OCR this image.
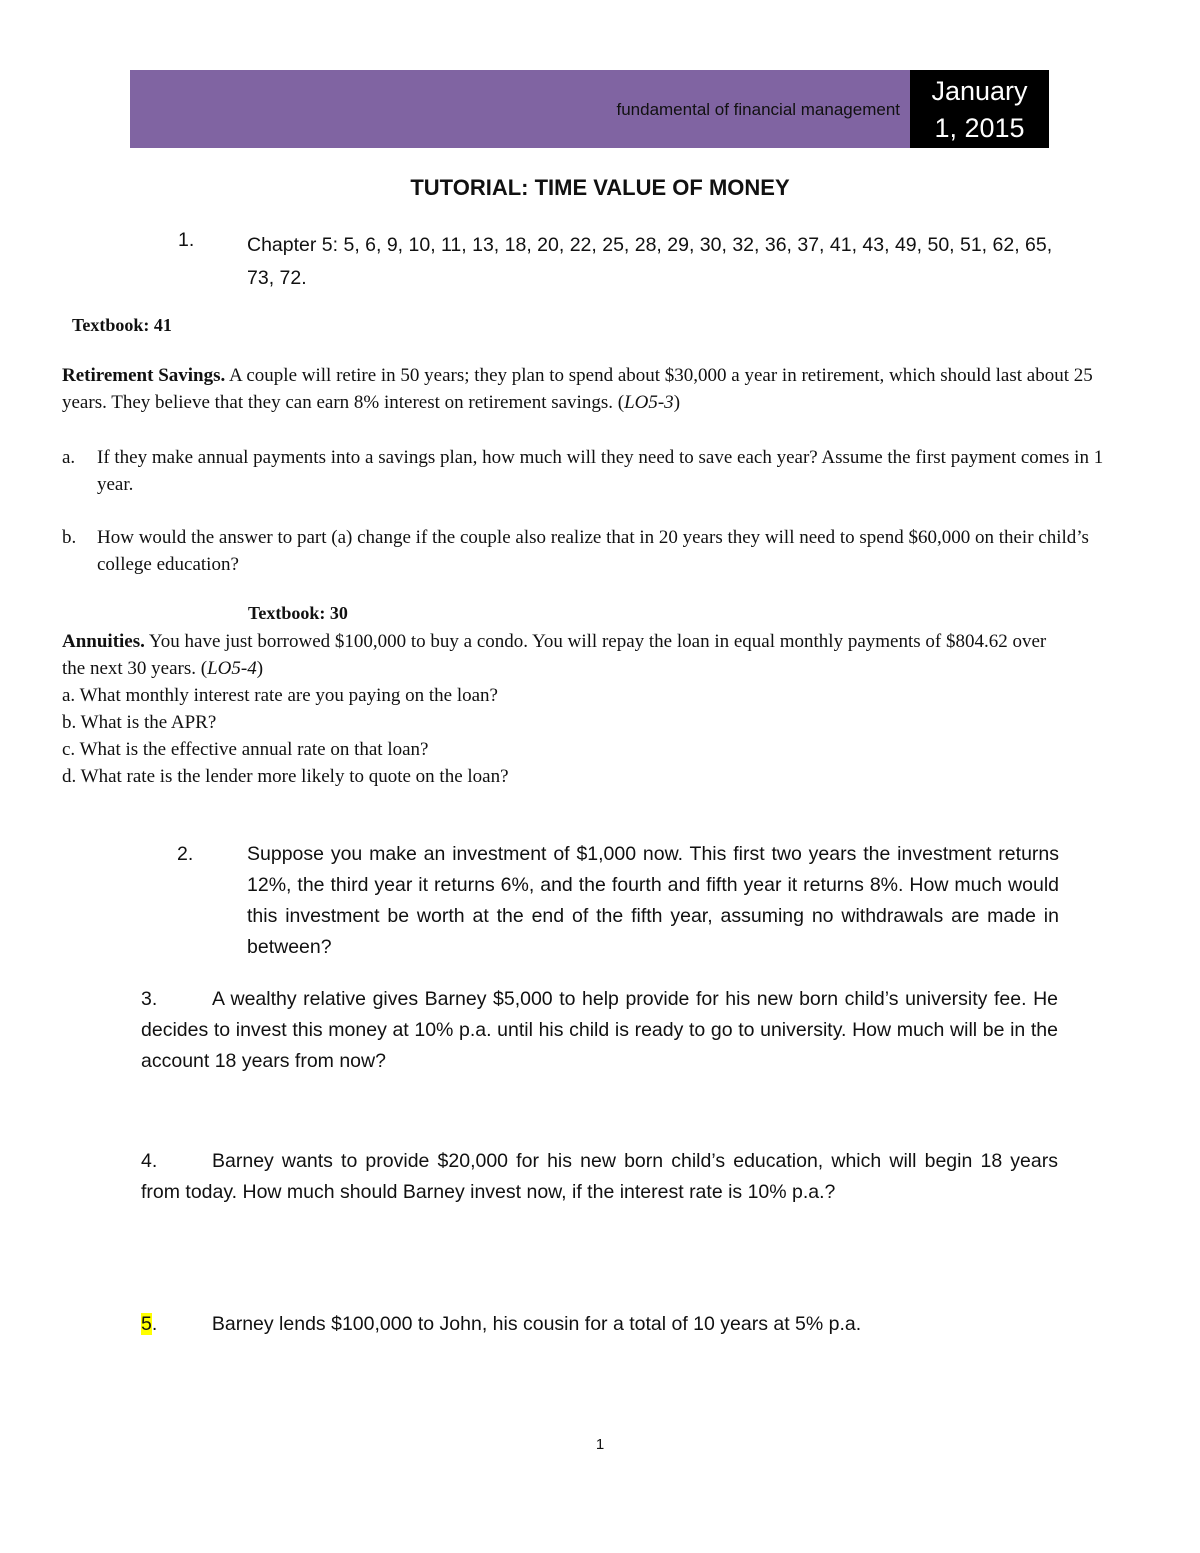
fundamental of financial management
January
1, 2015
TUTORIAL: TIME VALUE OF MONEY
1.	Chapter 5: 5, 6, 9, 10, 11, 13, 18, 20, 22, 25, 28, 29, 30, 32, 36, 37, 41, 43, 49, 50, 51, 62, 65, 73, 72.
Textbook: 41
Retirement Savings. A couple will retire in 50 years; they plan to spend about $30,000 a year in retirement, which should last about 25 years. They believe that they can earn 8% interest on retirement savings. (LO5-3)
a. If they make annual payments into a savings plan, how much will they need to save each year? Assume the first payment comes in 1 year.
b. How would the answer to part (a) change if the couple also realize that in 20 years they will need to spend $60,000 on their child’s college education?
Textbook: 30
Annuities. You have just borrowed $100,000 to buy a condo. You will repay the loan in equal monthly payments of $804.62 over the next 30 years. (LO5-4)
a. What monthly interest rate are you paying on the loan?
b. What is the APR?
c. What is the effective annual rate on that loan?
d. What rate is the lender more likely to quote on the loan?
2.	Suppose you make an investment of $1,000 now. This first two years the investment returns 12%, the third year it returns 6%, and the fourth and fifth year it returns 8%. How much would this investment be worth at the end of the fifth year, assuming no withdrawals are made in between?
3.	A wealthy relative gives Barney $5,000 to help provide for his new born child’s university fee. He decides to invest this money at 10% p.a. until his child is ready to go to university. How much will be in the account 18 years from now?
4.	Barney wants to provide $20,000 for his new born child’s education, which will begin 18 years from today. How much should Barney invest now, if the interest rate is 10% p.a.?
5.	Barney lends $100,000 to John, his cousin for a total of 10 years at 5% p.a.
1
